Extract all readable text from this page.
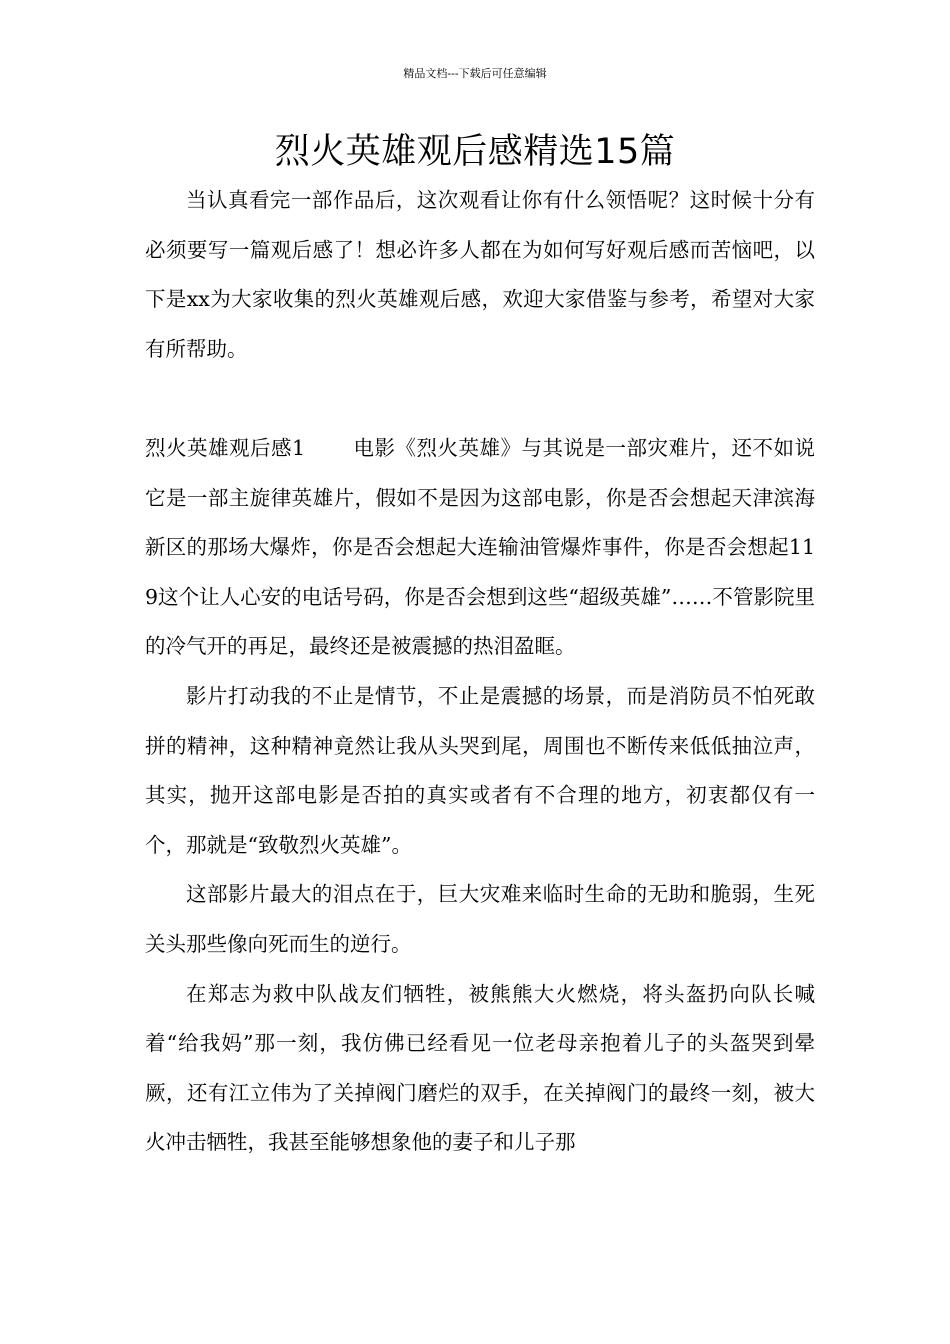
精品文档---下载后可任意编辑
烈火英雄观后感精选15篇

当认真看完一部作品后，这次观看让你有什么领悟呢？这时候十分有必须要写一篇观后感了！想必许多人都在为如何写好观后感而苦恼吧，以下是xx为大家收集的烈火英雄观后感，欢迎大家借鉴与参考，希望对大家有所帮助。

烈火英雄观后感1 电影《烈火英雄》与其说是一部灾难片，还不如说它是一部主旋律英雄片，假如不是因为这部电影，你是否会想起天津滨海新区的那场大爆炸，你是否会想起大连输油管爆炸事件，你是否会想起119这个让人心安的电话号码，你是否会想到这些“超级英雄”……不管影院里的冷气开的再足，最终还是被震撼的热泪盈眶。

影片打动我的不止是情节，不止是震撼的场景，而是消防员不怕死敢拼的精神，这种精神竟然让我从头哭到尾，周围也不断传来低低抽泣声，其实，抛开这部电影是否拍的真实或者有不合理的地方，初衷都仅有一个，那就是“致敬烈火英雄”。

这部影片最大的泪点在于，巨大灾难来临时生命的无助和脆弱，生死关头那些像向死而生的逆行。

在郑志为救中队战友们牺牲，被熊熊大火燃烧，将头盔扔向队长喊着“给我妈”那一刻，我仿佛已经看见一位老母亲抱着儿子的头盔哭到晕厥，还有江立伟为了关掉阀门磨烂的双手，在关掉阀门的最终一刻，被大火冲击牺牲，我甚至能够想象他的妻子和儿子那
